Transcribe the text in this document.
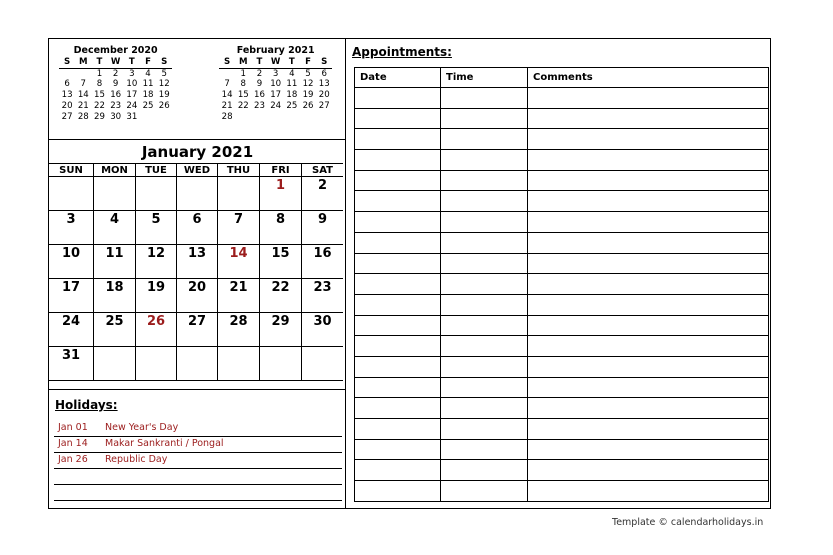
December 2020
S	M	T	W	T	F	S
		1	2	3	4	5
6	7	8	9	10	11	12
13	14	15	16	17	18	19
20	21	22	23	24	25	26
27	28	29	30	31		
February 2021
S	M	T	W	T	F	S
	1	2	3	4	5	6
7	8	9	10	11	12	13
14	15	16	17	18	19	20
21	22	23	24	25	26	27
28						
January 2021
SUN	MON	TUE	WED	THU	FRI	SAT
					1	2
3	4	5	6	7	8	9
10	11	12	13	14	15	16
17	18	19	20	21	22	23
24	25	26	27	28	29	30
31						
Holidays:
Jan 01 New Year's Day
Jan 14 Makar Sankranti / Pongal
Jan 26 Republic Day
Appointments:
Date	Time	Comments

Template © calendarholidays.in
